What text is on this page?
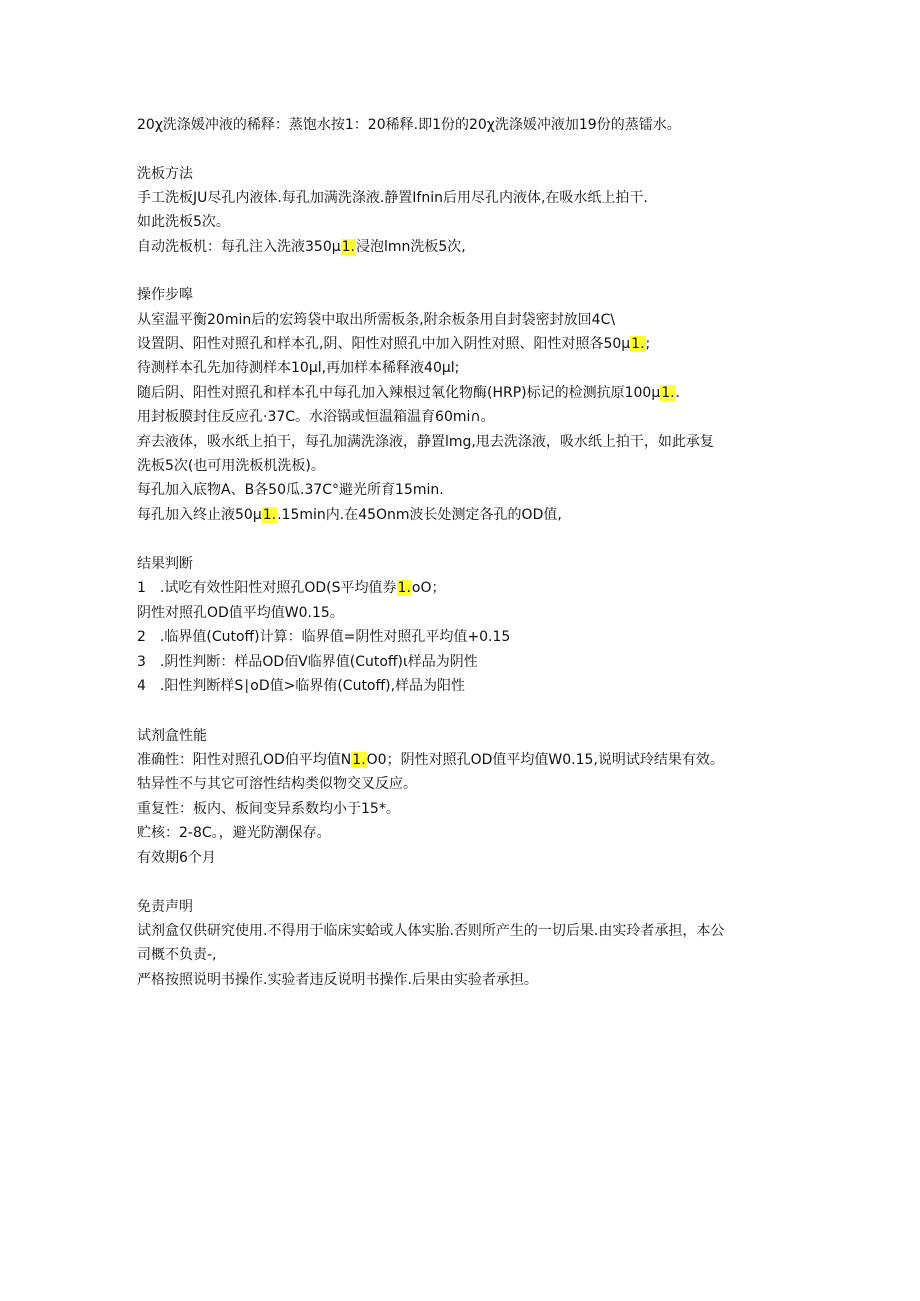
20χ洗涤媛冲液的稀释：蒸饱水按1：20稀释.即1份的20χ洗涤媛冲液加19份的蒸镭水。
洗板方法
手工洗板JU尽孔内液体.每孔加满洗涤液.静置Ifnin后用尽孔内液体,在吸水纸上拍干.
如此洗板5次。
自动洗板机：每孔注入洗液350μ1.浸泡lmn洗板5次,
操作步嗥
从室温平衡20min后的宏筠袋中取出所需板条,附余板条用自封袋密封放回4C\
设置阴、阳性对照孔和样本孔,阴、阳性对照孔中加入阴性对照、阳性对照各50μ1.;
待测样本孔先加待测样本10μl,再加样本稀释液40μl;
随后阴、阳性对照孔和样本孔中每孔加入辣根过氧化物酶(HRP)标记的检测抗原100μ1..
用封板膜封住反应孔·37C。水浴锅或恒温箱温育60mi∩。
弃去液体，吸水纸上拍干，每孔加满洗涤液，静置lmg,甩去洗涤液，吸水纸上拍干，如此承复
洗板5次(也可用洗板机洗板)。
每孔加入底物A、B各50瓜.37C°避光所育15min.
每孔加入终止液50μ1..15min内.在45Onm波长处测定各孔的OD值,
结果判断
1 .试吃有效性阳性对照孔OD(S平均值券1.oO；
阴性对照孔OD值平均值W0.15。
2 .临界值(Cutoff)计算：临界值=阴性对照孔平均值+0.15
3 .阴性判断：样品OD佰V临界值(Cutoff)ι样品为阴性
4 .阳性判断样S∣oD值>临界侑(Cutoff),样品为阳性
试剂盒性能
准确性：阳性对照孔OD伯平均值N1.O0；阴性对照孔OD值平均值W0.15,说明试玲结果有效。
牯异性不与其它可溶性结构类似物交叉反应。
重复性：板内、板间变异系数均小于15*。
贮核：2-8C。，避光防潮保存。
有效期6个月
免责声明
试剂盒仅供研究使用.不得用于临床实蛤或人体实胎.否则所产生的一切后果.由实玲者承担，本公
司概不负责-,
严格按照说明书操作.实验者违反说明书操作.后果由实验者承担。
